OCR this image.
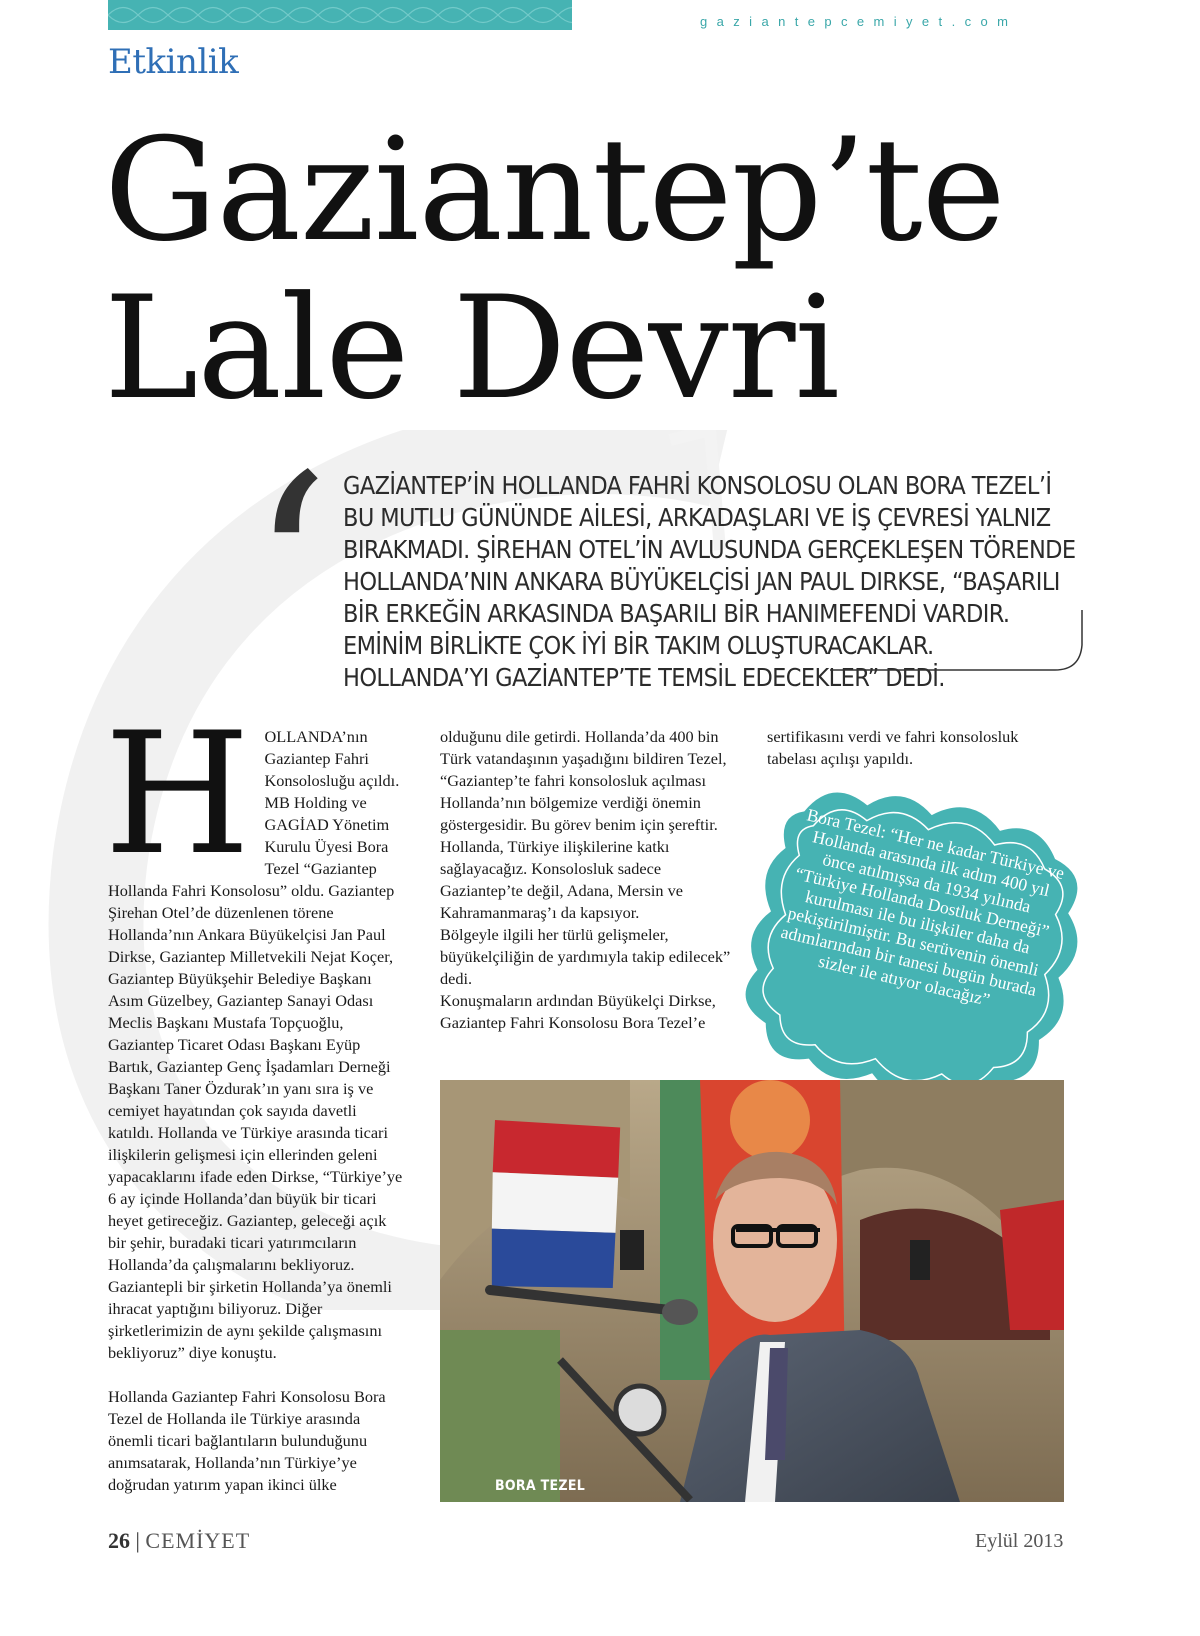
gaziantepcemiyet.com
Etkinlik
Gaziantep’te
Lale Devri
‘ GAZİANTEP’İN HOLLANDA FAHRİ KONSOLOSU OLAN BORA TEZEL’İ BU MUTLU GÜNÜNDE AİLESİ, ARKADAŞLARI VE İŞ ÇEVRESİ YALNIZ BIRAKMADI. ŞİREHAN OTEL’İN AVLUSUNDA GERÇEKLEŞEN TÖRENDE HOLLANDA’NIN ANKARA BÜYÜKELÇİSİ JAN PAUL DIRKSE, “BAŞARILI BİR ERKEĞİN ARKASINDA BAŞARILI BİR HANIMEFENDİ VARDIR. EMİNİM BİRLİKTE ÇOK İYİ BİR TAKIM OLUŞTURACAKLAR. HOLLANDA’YI GAZİANTEP’TE TEMSİL EDECEKLER” DEDİ.

H OLLANDA’nın Gaziantep Fahri Konsolosluğu açıldı. MB Holding ve GAGİAD Yönetim Kurulu Üyesi Bora Tezel “Gaziantep Hollanda Fahri Konsolosu” oldu. Gaziantep Şirehan Otel’de düzenlenen törene Hollanda’nın Ankara Büyükelçisi Jan Paul Dirkse, Gaziantep Milletvekili Nejat Koçer, Gaziantep Büyükşehir Belediye Başkanı Asım Güzelbey, Gaziantep Sanayi Odası Meclis Başkanı Mustafa Topçuoğlu, Gaziantep Ticaret Odası Başkanı Eyüp Bartık, Gaziantep Genç İşadamları Derneği Başkanı Taner Özdurak’ın yanı sıra iş ve cemiyet hayatından çok sayıda davetli katıldı. Hollanda ve Türkiye arasında ticari ilişkilerin gelişmesi için ellerinden geleni yapacaklarını ifade eden Dirkse, “Türkiye’ye 6 ay içinde Hollanda’dan büyük bir ticari heyet getireceğiz. Gaziantep, geleceği açık bir şehir, buradaki ticari yatırımcıların Hollanda’da çalışmalarını bekliyoruz. Gaziantepli bir şirketin Hollanda’ya önemli ihracat yaptığını biliyoruz. Diğer şirketlerimizin de aynı şekilde çalışmasını bekliyoruz” diye konuştu.

Hollanda Gaziantep Fahri Konsolosu Bora Tezel de Hollanda ile Türkiye arasında önemli ticari bağlantıların bulunduğunu anımsatarak, Hollanda’nın Türkiye’ye doğrudan yatırım yapan ikinci ülke

olduğunu dile getirdi. Hollanda’da 400 bin Türk vatandaşının yaşadığını bildiren Tezel, “Gaziantep’te fahri konsolosluk açılması Hollanda’nın bölgemize verdiği önemin göstergesidir. Bu görev benim için şereftir. Hollanda, Türkiye ilişkilerine katkı sağlayacağız. Konsolosluk sadece Gaziantep’te değil, Adana, Mersin ve Kahramanmaraş’ı da kapsıyor.

Bölgeyle ilgili her türlü gelişmeler, büyükelçiliğin de yardımıyla takip edilecek” dedi.

Konuşmaların ardından Büyükelçi Dirkse, Gaziantep Fahri Konsolosu Bora Tezel’e

sertifikasını verdi ve fahri konsolosluk tabelası açılışı yapıldı.

Bora Tezel: “Her ne kadar Türkiye ve Hollanda arasında ilk adım 400 yıl önce atılmışsa da 1934 yılında “Türkiye Hollanda Dostluk Derneği” kurulması ile bu ilişkiler daha da pekiştirilmiştir. Bu serüvenin önemli adımlarından bir tanesi bugün burada sizler ile atıyor olacağız”
BORA TEZEL
26 | CEMİYET	Eylül 2013
